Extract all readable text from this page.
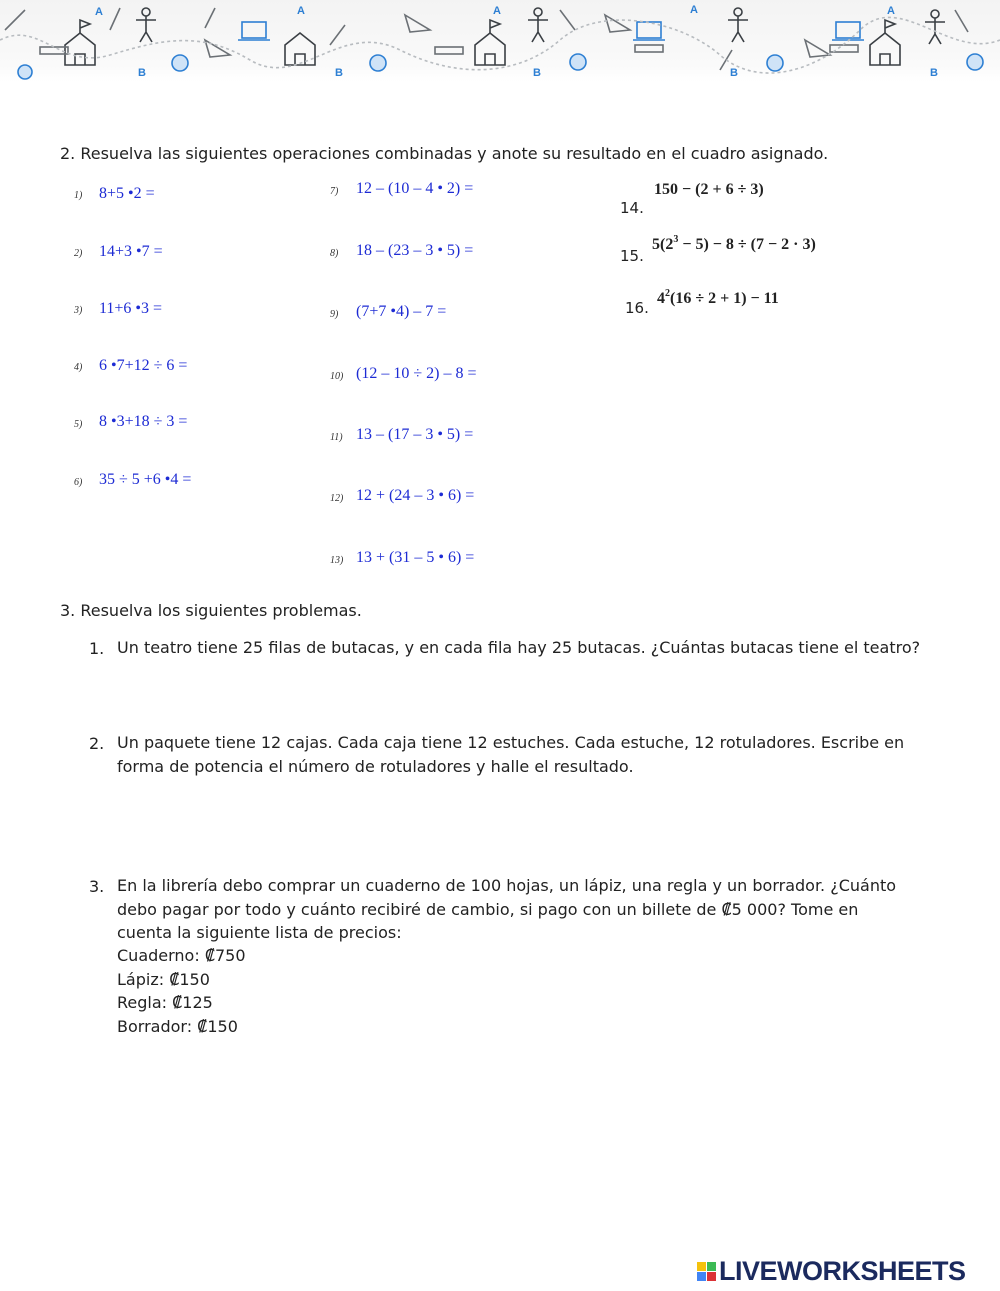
A	A	A	A	A
B	B	B	B	B
2. Resuelva las siguientes operaciones combinadas y anote su resultado en el cuadro asignado.
1) 8+5 •2 =
2) 14+3 •7 =
3) 11+6 •3 =
4) 6 •7+12 ÷ 6 =
5) 8 •3+18 ÷ 3 =
6) 35 ÷ 5 +6 •4 =
7) 12 – (10 – 4 • 2) =
8) 18 – (23 – 3 • 5) =
9) (7+7 •4) – 7 =
10) (12 – 10 ÷ 2) – 8 =
11) 13 – (17 – 3 • 5) =
12) 12 + (24 – 3 • 6) =
13) 13 + (31 – 5 • 6) =
14.
150 − (2 + 6 ÷ 3)
15.
$5(2^3 - 5) - 8 \div (7 - 2 \cdot 3)$
16.
$4^2(16 \div 2 + 1) - 11$
3. Resuelva los siguientes problemas.
1. Un teatro tiene 25 filas de butacas, y en cada fila hay 25 butacas. ¿Cuántas butacas tiene el teatro?
2. Un paquete tiene 12 cajas. Cada caja tiene 12 estuches. Cada estuche, 12 rotuladores. Escribe en forma de potencia el número de rotuladores y halle el resultado.
3. En la librería debo comprar un cuaderno de 100 hojas, un lápiz, una regla y un borrador. ¿Cuánto debo pagar por todo y cuánto recibiré de cambio, si pago con un billete de ₡5 000? Tome en cuenta la siguiente lista de precios:
Cuaderno: ₡750
Lápiz: ₡150
Regla: ₡125
Borrador: ₡150
LIVEWORKSHEETS
